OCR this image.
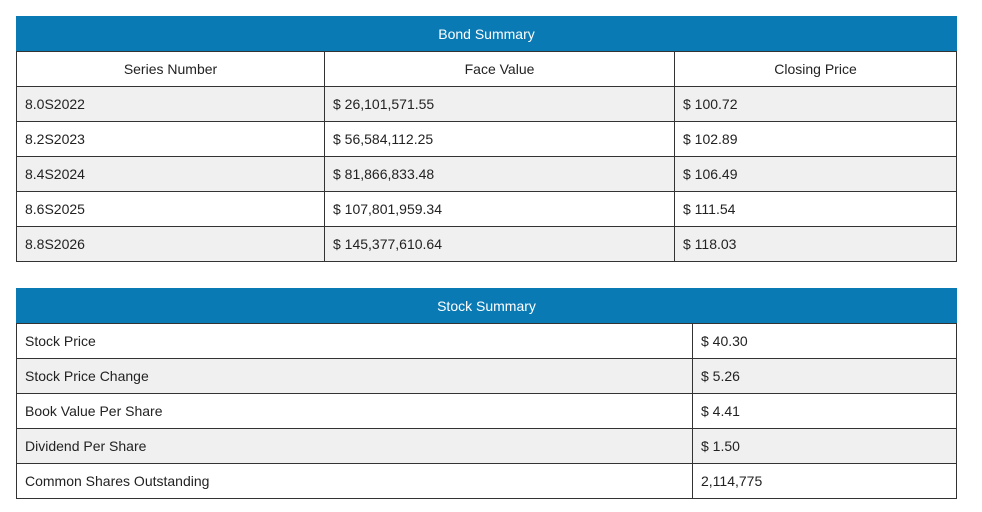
Bond Summary		
Series Number	Face Value	Closing Price
8.0S2022	$ 26,101,571.55	$ 100.72
8.2S2023	$ 56,584,112.25	$ 102.89
8.4S2024	$ 81,866,833.48	$ 106.49
8.6S2025	$ 107,801,959.34	$ 111.54
8.8S2026	$ 145,377,610.64	$ 118.03
Stock Summary	
Stock Price	$ 40.30
Stock Price Change	$ 5.26
Book Value Per Share	$ 4.41
Dividend Per Share	$ 1.50
Common Shares Outstanding	2,114,775
